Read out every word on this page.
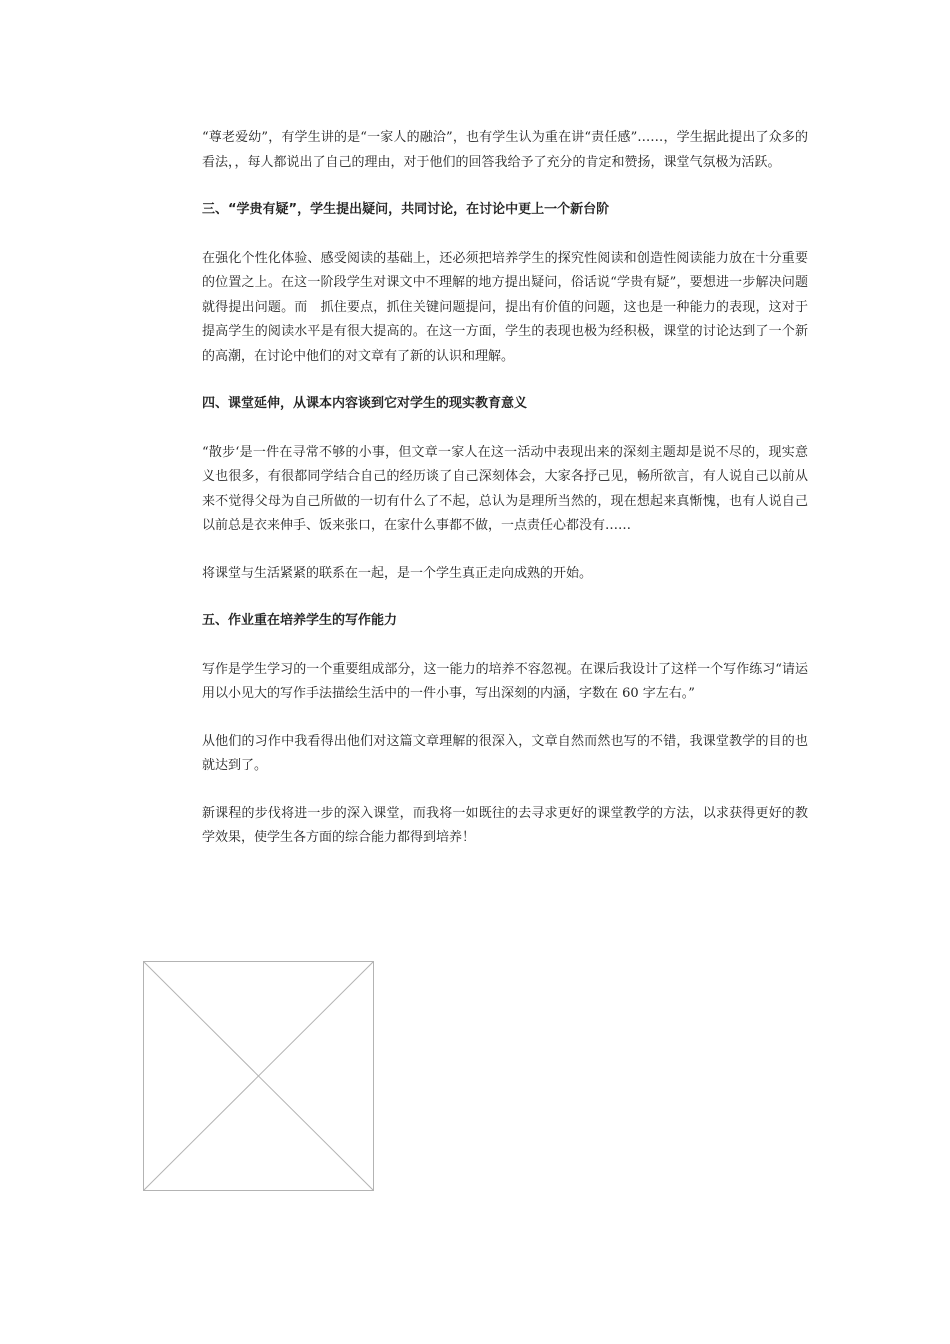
“尊老爱幼”，有学生讲的是“一家人的融洽”，也有学生认为重在讲“责任感”……，学生据此提出了众多的看法，，每人都说出了自己的理由，对于他们的回答我给予了充分的肯定和赞扬，课堂气氛极为活跃。

三、“学贵有疑”，学生提出疑问，共同讨论，在讨论中更上一个新台阶

在强化个性化体验、感受阅读的基础上，还必须把培养学生的探究性阅读和创造性阅读能力放在十分重要的位置之上。在这一阶段学生对课文中不理解的地方提出疑问，俗话说“学贵有疑”，要想进一步解决问题就得提出问题。而　抓住要点，抓住关键问题提问，提出有价值的问题，这也是一种能力的表现，这对于提高学生的阅读水平是有很大提高的。在这一方面，学生的表现也极为经积极，课堂的讨论达到了一个新的高潮，在讨论中他们的对文章有了新的认识和理解。

四、课堂延伸，从课本内容谈到它对学生的现实教育意义

“散步‘是一件在寻常不够的小事，但文章一家人在这一活动中表现出来的深刻主题却是说不尽的，现实意义也很多，有很都同学结合自己的经历谈了自己深刻体会，大家各抒己见，畅所欲言，有人说自己以前从来不觉得父母为自己所做的一切有什么了不起，总认为是理所当然的，现在想起来真惭愧，也有人说自己以前总是衣来伸手、饭来张口，在家什么事都不做，一点责任心都没有……

将课堂与生活紧紧的联系在一起，是一个学生真正走向成熟的开始。

五、作业重在培养学生的写作能力

写作是学生学习的一个重要组成部分，这一能力的培养不容忽视。在课后我设计了这样一个写作练习“请运用以小见大的写作手法描绘生活中的一件小事，写出深刻的内涵，字数在 60 字左右。”

从他们的习作中我看得出他们对这篇文章理解的很深入，文章自然而然也写的不错，我课堂教学的目的也就达到了。

新课程的步伐将进一步的深入课堂，而我将一如既往的去寻求更好的课堂教学的方法，以求获得更好的教学效果，使学生各方面的综合能力都得到培养！
